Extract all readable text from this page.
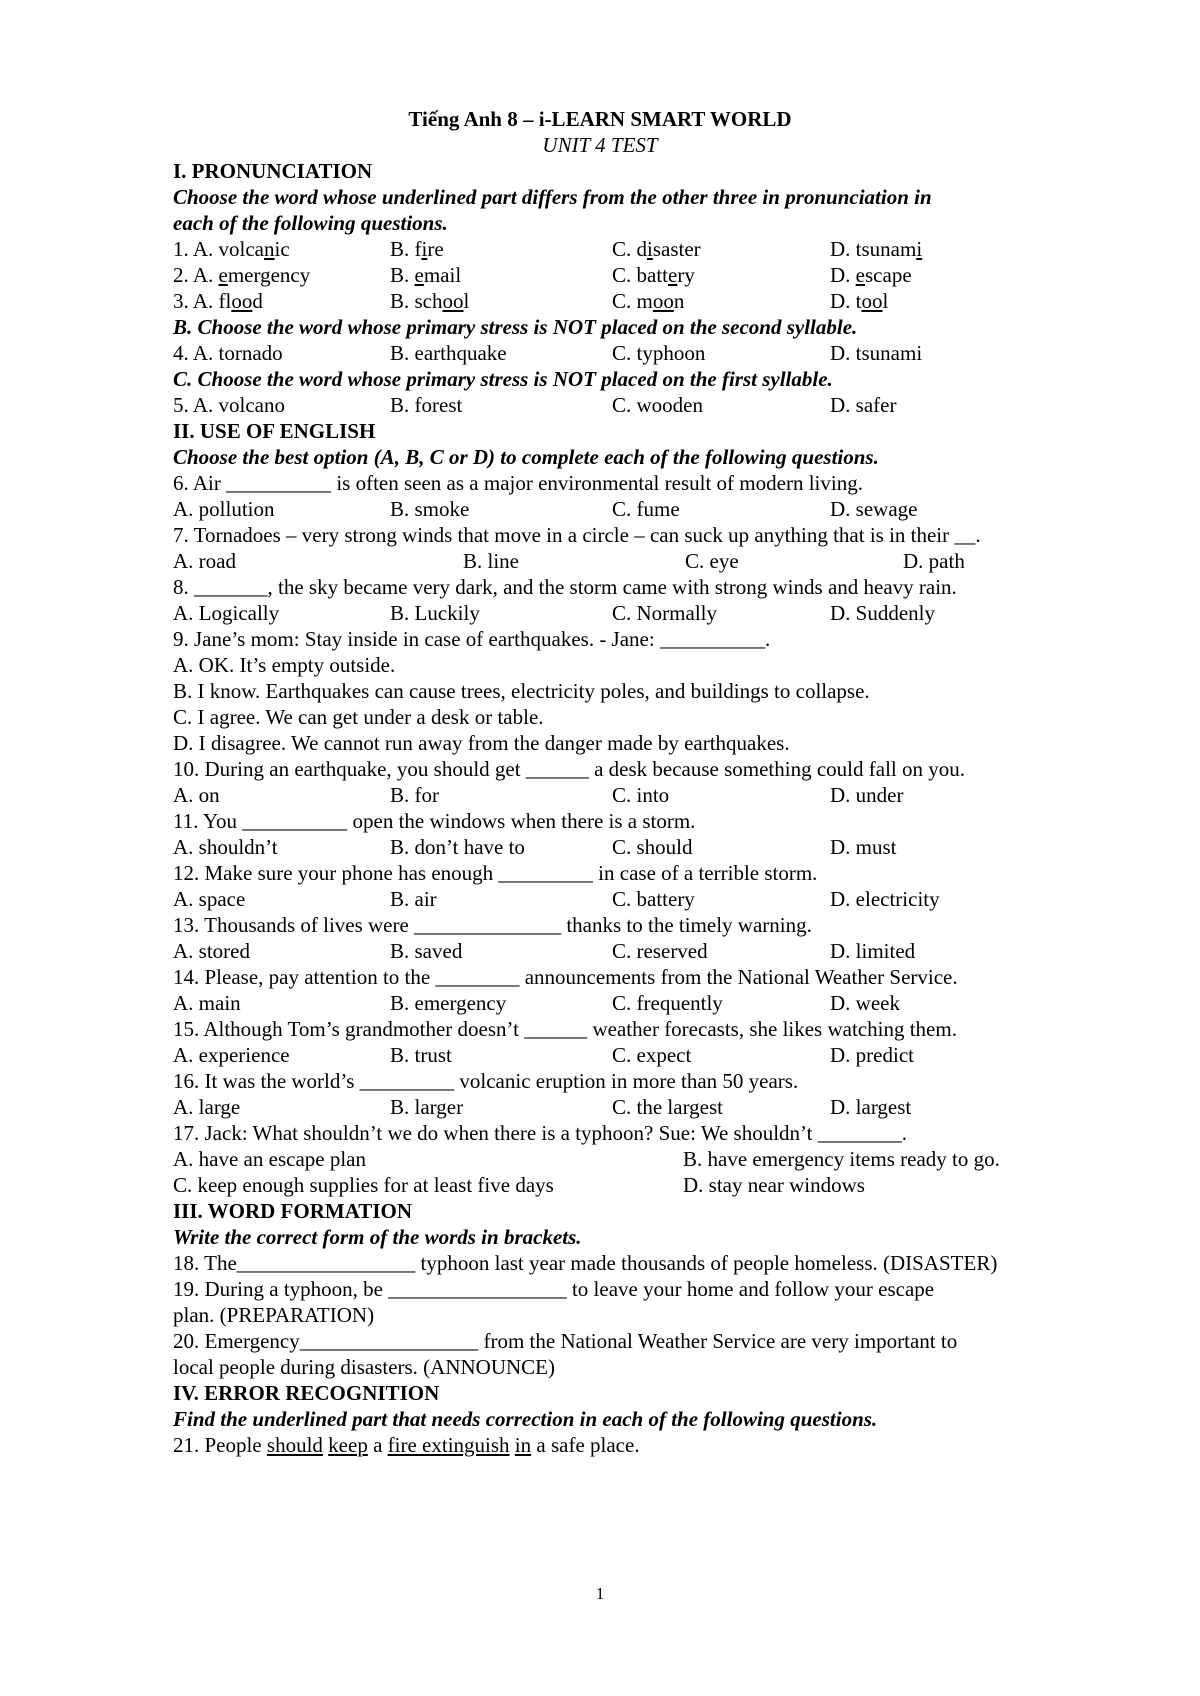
Tiếng Anh 8 – i-LEARN SMART WORLD
UNIT 4 TEST
I. PRONUNCIATION
Choose the word whose underlined part differs from the other three in pronunciation in
each of the following questions.
1. A. volcanic	B. fire	C. disaster	D. tsunami
2. A. emergency	B. email	C. battery	D. escape
3. A. flood	B. school	C. moon	D. tool
B. Choose the word whose primary stress is NOT placed on the second syllable.
4. A. tornado	B. earthquake	C. typhoon	D. tsunami
C. Choose the word whose primary stress is NOT placed on the first syllable.
5. A. volcano	B. forest	C. wooden	D. safer
II. USE OF ENGLISH
Choose the best option (A, B, C or D) to complete each of the following questions.
6. Air __________ is often seen as a major environmental result of modern living.
A. pollution	B. smoke	C. fume	D. sewage
7. Tornadoes – very strong winds that move in a circle – can suck up anything that is in their __.
A. road	B. line	C. eye	D. path
8. _______, the sky became very dark, and the storm came with strong winds and heavy rain.
A. Logically	B. Luckily	C. Normally	D. Suddenly
9. Jane’s mom: Stay inside in case of earthquakes. - Jane: __________.
A. OK. It’s empty outside.
B. I know. Earthquakes can cause trees, electricity poles, and buildings to collapse.
C. I agree. We can get under a desk or table.
D. I disagree. We cannot run away from the danger made by earthquakes.
10. During an earthquake, you should get ______ a desk because something could fall on you.
A. on	B. for	C. into	D. under
11. You __________ open the windows when there is a storm.
A. shouldn’t	B. don’t have to	C. should	D. must
12. Make sure your phone has enough _________ in case of a terrible storm.
A. space	B. air	C. battery	D. electricity
13. Thousands of lives were ______________ thanks to the timely warning.
A. stored	B. saved	C. reserved	D. limited
14. Please, pay attention to the ________ announcements from the National Weather Service.
A. main	B. emergency	C. frequently	D. week
15. Although Tom’s grandmother doesn’t ______ weather forecasts, she likes watching them.
A. experience	B. trust	C. expect	D. predict
16. It was the world’s _________ volcanic eruption in more than 50 years.
A. large	B. larger	C. the largest	D. largest
17. Jack: What shouldn’t we do when there is a typhoon? Sue: We shouldn’t ________.
A. have an escape plan	B. have emergency items ready to go.
C. keep enough supplies for at least five days	D. stay near windows
III. WORD FORMATION
Write the correct form of the words in brackets.
18. The_________________ typhoon last year made thousands of people homeless. (DISASTER)
19. During a typhoon, be _________________ to leave your home and follow your escape
plan. (PREPARATION)
20. Emergency_________________ from the National Weather Service are very important to
local people during disasters. (ANNOUNCE)
IV. ERROR RECOGNITION
Find the underlined part that needs correction in each of the following questions.
21. People should keep a fire extinguish in a safe place.
1
